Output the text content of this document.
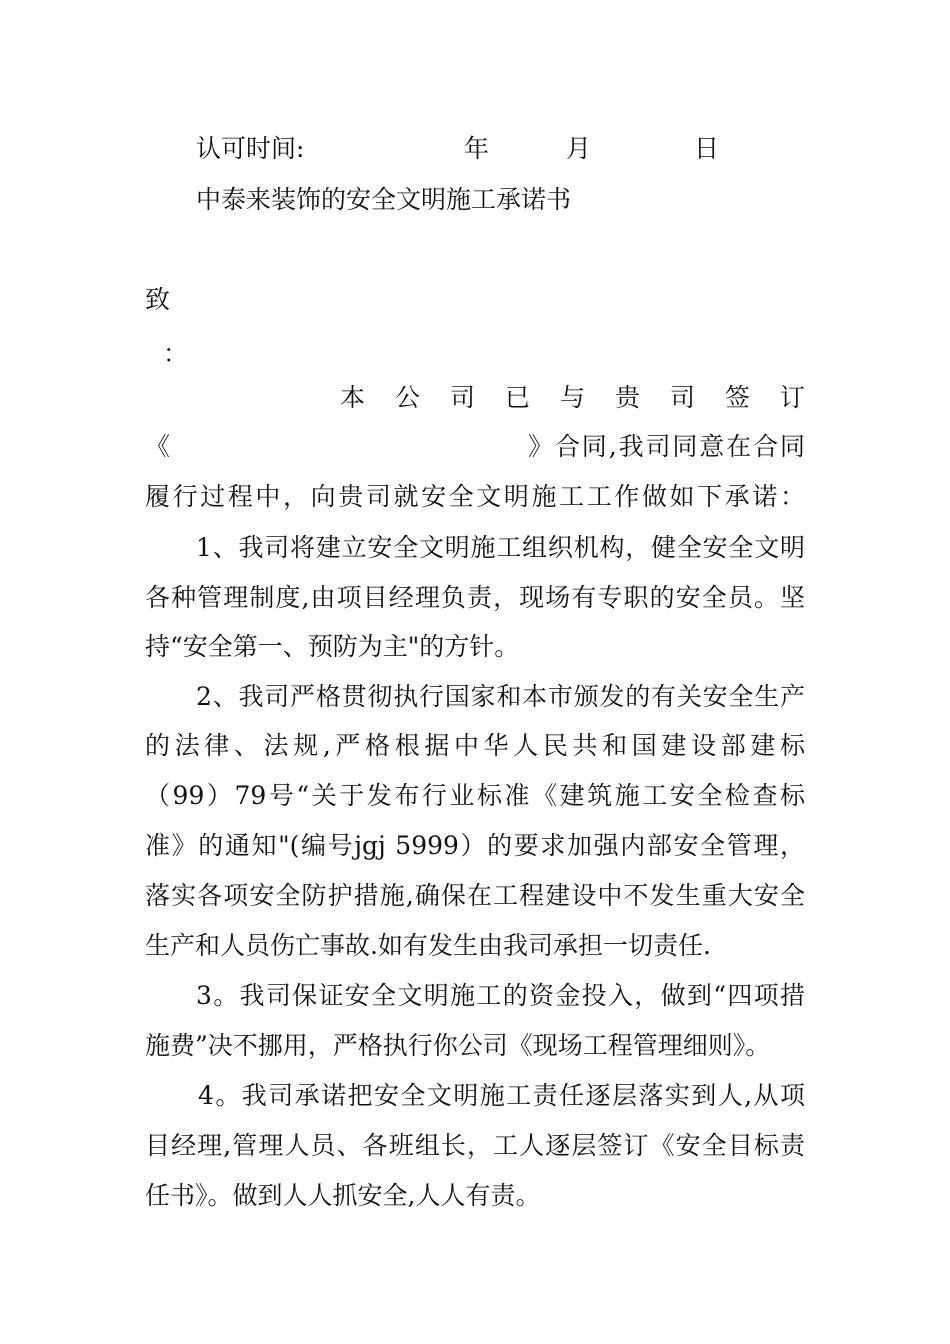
认可时间:	年	月	日
中泰来装饰的安全文明施工承诺书
致
：
本 公 司 已 与 贵 司 签 订
《	》合同,我司同意在合同
履行过程中，向贵司就安全文明施工工作做如下承诺：
1、我司将建立安全文明施工组织机构，健全安全文明
各种管理制度,由项目经理负责，现场有专职的安全员。坚
持“安全第一、预防为主"的方针。
2、我司严格贯彻执行国家和本市颁发的有关安全生产
的法律、法规,严格根据中华人民共和国建设部建标
（99）79号“关于发布行业标准《建筑施工安全检查标
准》的通知"(编号jgj 5999）的要求加强内部安全管理，
落实各项安全防护措施,确保在工程建设中不发生重大安全
生产和人员伤亡事故.如有发生由我司承担一切责任.
3。我司保证安全文明施工的资金投入，做到“四项措
施费”决不挪用，严格执行你公司《现场工程管理细则》。
4。我司承诺把安全文明施工责任逐层落实到人,从项
目经理,管理人员、各班组长，工人逐层签订《安全目标责
任书》。做到人人抓安全,人人有责。
